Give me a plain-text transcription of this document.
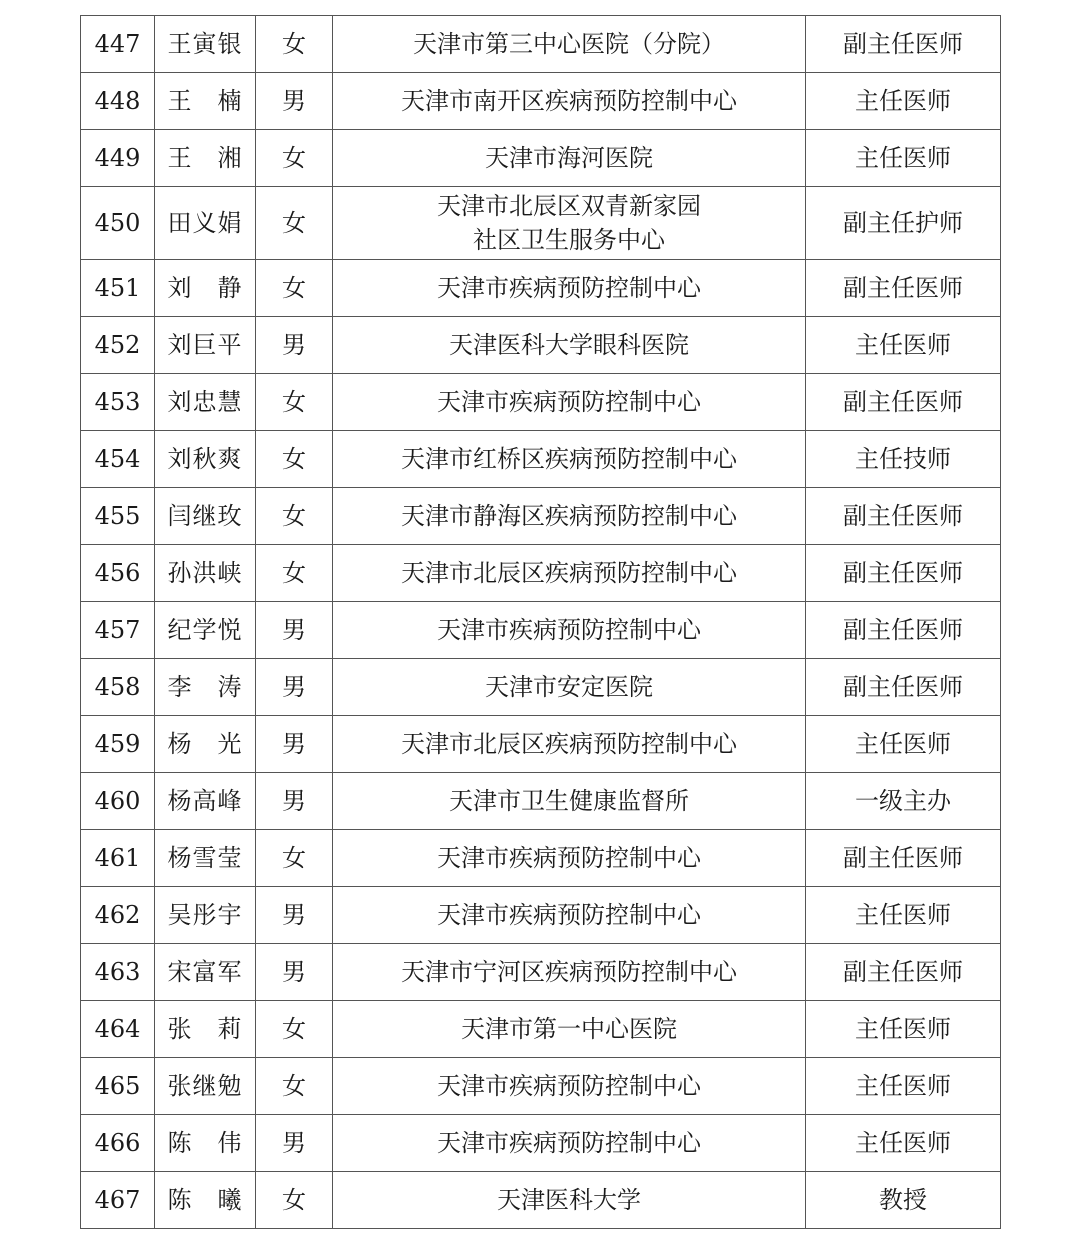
447	王寅银	女	天津市第三中心医院（分院）	副主任医师
448	王　楠	男	天津市南开区疾病预防控制中心	主任医师
449	王　湘	女	天津市海河医院	主任医师
450	田义娟	女	天津市北辰区双青新家园
社区卫生服务中心	副主任护师
451	刘　静	女	天津市疾病预防控制中心	副主任医师
452	刘巨平	男	天津医科大学眼科医院	主任医师
453	刘忠慧	女	天津市疾病预防控制中心	副主任医师
454	刘秋爽	女	天津市红桥区疾病预防控制中心	主任技师
455	闫继玫	女	天津市静海区疾病预防控制中心	副主任医师
456	孙洪峡	女	天津市北辰区疾病预防控制中心	副主任医师
457	纪学悦	男	天津市疾病预防控制中心	副主任医师
458	李　涛	男	天津市安定医院	副主任医师
459	杨　光	男	天津市北辰区疾病预防控制中心	主任医师
460	杨高峰	男	天津市卫生健康监督所	一级主办
461	杨雪莹	女	天津市疾病预防控制中心	副主任医师
462	吴彤宇	男	天津市疾病预防控制中心	主任医师
463	宋富军	男	天津市宁河区疾病预防控制中心	副主任医师
464	张　莉	女	天津市第一中心医院	主任医师
465	张继勉	女	天津市疾病预防控制中心	主任医师
466	陈　伟	男	天津市疾病预防控制中心	主任医师
467	陈　曦	女	天津医科大学	教授
